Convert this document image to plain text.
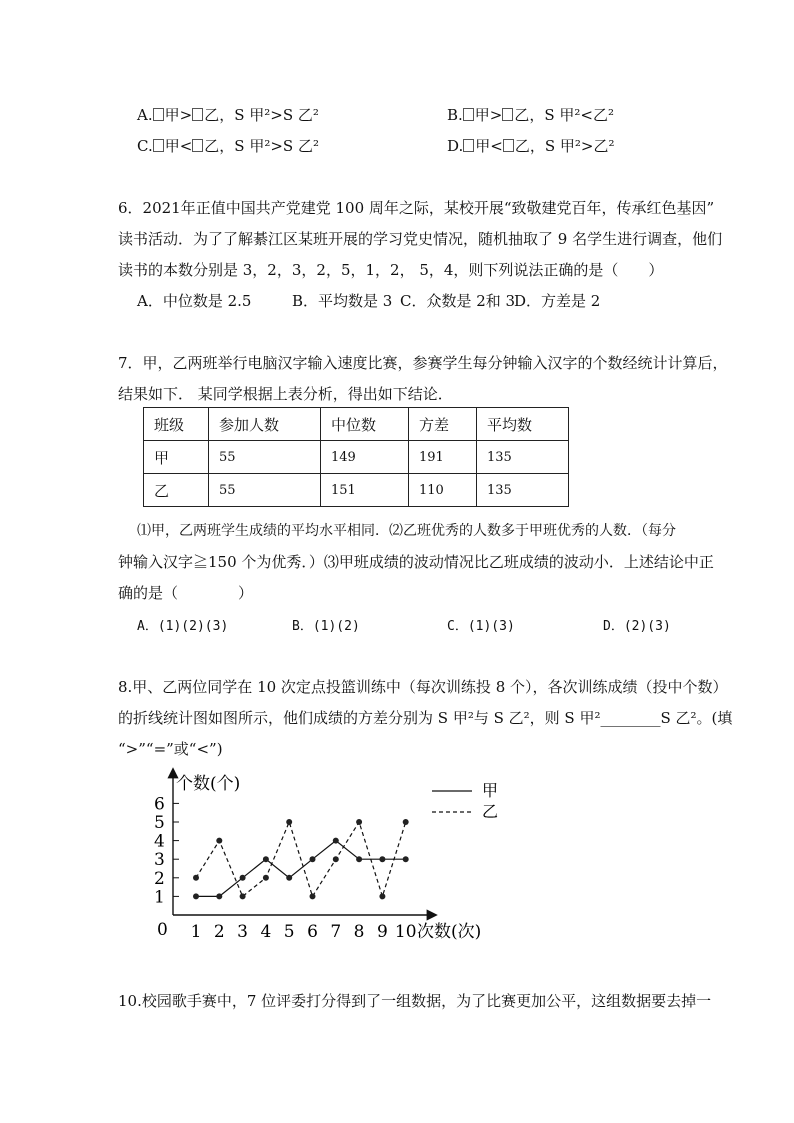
A. 甲> 乙，S 甲²>S 乙²	B. 甲> 乙，S 甲²<乙²
C. 甲< 乙，S 甲²>S 乙²	D. 甲< 乙，S 甲²>乙²
6．2021年正值中国共产党建党 100 周年之际，某校开展“致敬建党百年，传承红色基因”
读书活动．为了了解綦江区某班开展的学习党史情况，随机抽取了 9 名学生进行调查，他们
读书的本数分别是 3，2，3，2，5，1，2， 5，4，则下列说法正确的是（　　）
A．中位数是 2.5	B．平均数是 3 C．众数是 2和 3
D．方差是 2
7．甲，乙两班举行电脑汉字输入速度比赛，参赛学生每分钟输入汉字的个数经统计计算后，
结果如下． 某同学根据上表分析，得出如下结论．
班级	参加人数	中位数	方差	平均数
甲	55	149	191	135
乙	55	151	110	135
⑴甲，乙两班学生成绩的平均水平相同．⑵乙班优秀的人数多于甲班优秀的人数．（每分
钟输入汉字≧150 个为优秀．）⑶甲班成绩的波动情况比乙班成绩的波动小．上述结论中正
确的是（　　　　）
A．(1)(2)(3)	B．(1)(2)	C．(1)(3)	D．(2)(3)
8.甲、乙两位同学在 10 次定点投篮训练中（每次训练投 8 个），各次训练成绩（投中个数）
的折线统计图如图所示，他们成绩的方差分别为 S 甲²与 S 乙²，则 S 甲²________S 乙²。(填
“>”“=”或“<”)
1
2
3
4
5
6
1 2 3 4 5 6 7 8 9 10
0
个数(个)
次数(次)
甲
乙
10.校园歌手赛中，7 位评委打分得到了一组数据，为了比赛更加公平，这组数据要去掉一
